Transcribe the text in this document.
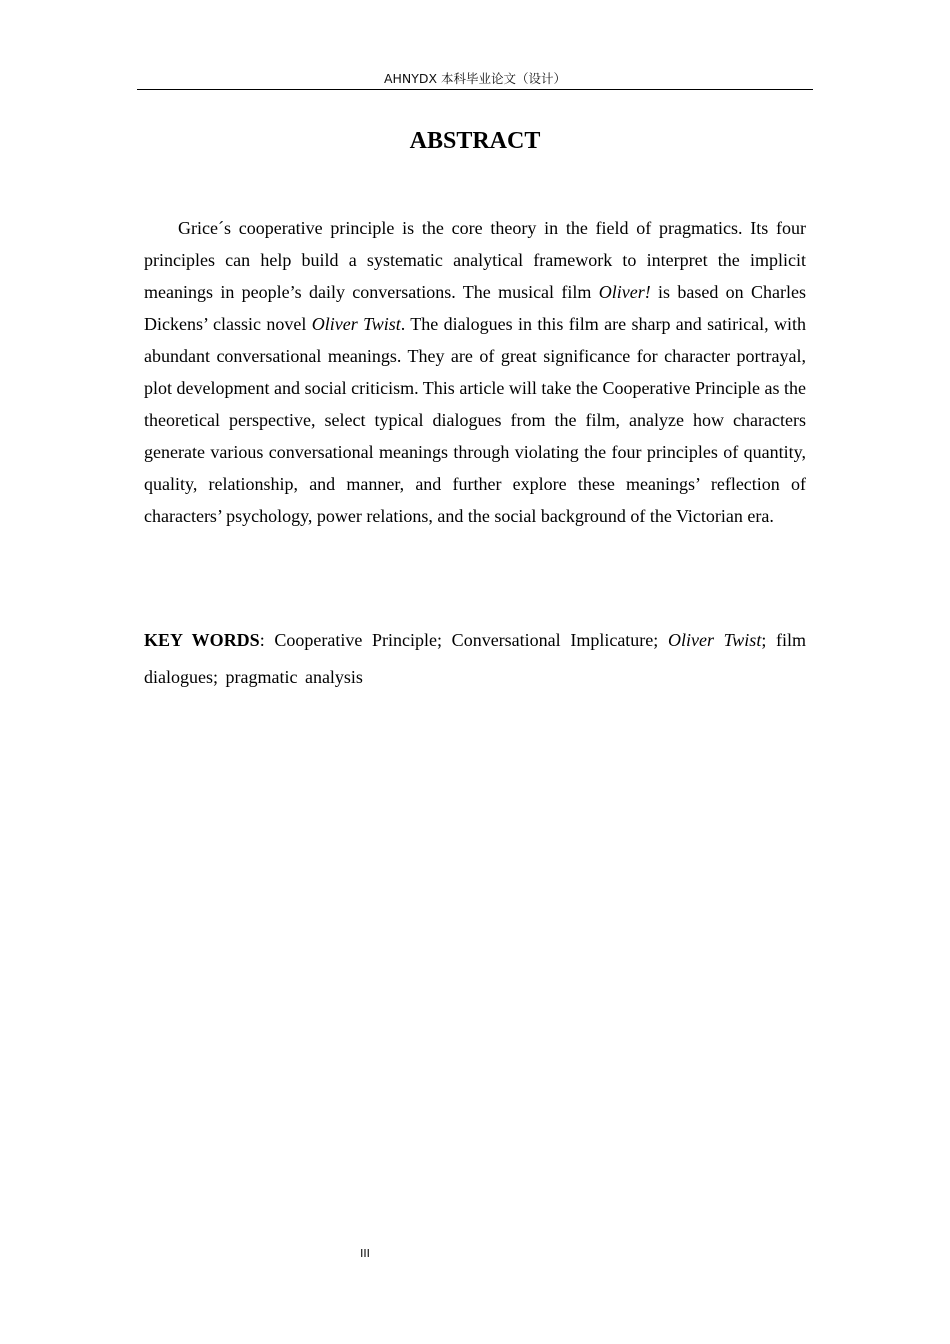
AHNYDX 本科毕业论文（设计）
ABSTRACT

Grice´s cooperative principle is the core theory in the field of pragmatics. Its four principles can help build a systematic analytical framework to interpret the implicit meanings in people’s daily conversations. The musical film Oliver! is based on Charles Dickens’ classic novel Oliver Twist. The dialogues in this film are sharp and satirical, with abundant conversational meanings. They are of great significance for character portrayal, plot development and social criticism. This article will take the Cooperative Principle as the theoretical perspective, select typical dialogues from the film, analyze how characters generate various conversational meanings through violating the four principles of quantity, quality, relationship, and manner, and further explore these meanings’ reflection of characters’ psychology, power relations, and the social background of the Victorian era.

KEY WORDS: Cooperative Principle; Conversational Implicature; Oliver Twist; film dialogues; pragmatic analysis

III
